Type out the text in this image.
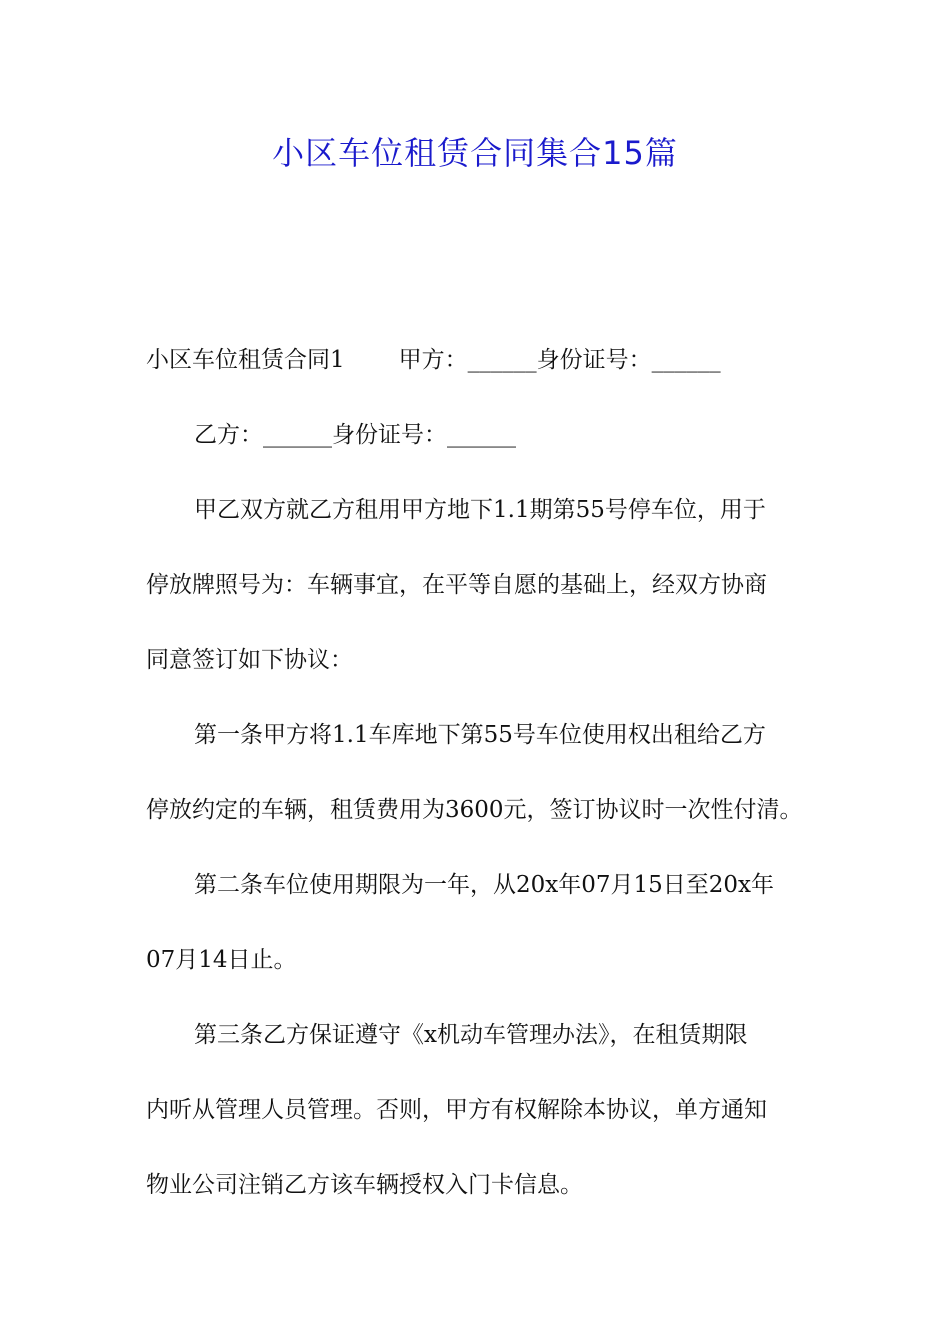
小区车位租赁合同集合15篇
小区车位租赁合同1 甲方：______身份证号：______
乙方：______身份证号：______
甲乙双方就乙方租用甲方地下1.1期第55号停车位，用于
停放牌照号为：车辆事宜，在平等自愿的基础上，经双方协商
同意签订如下协议：
第一条甲方将1.1车库地下第55号车位使用权出租给乙方
停放约定的车辆，租赁费用为3600元，签订协议时一次性付清。
第二条车位使用期限为一年，从20x年07月15日至20x年
07月14日止。
第三条乙方保证遵守《x机动车管理办法》，在租赁期限
内听从管理人员管理。否则，甲方有权解除本协议，单方通知
物业公司注销乙方该车辆授权入门卡信息。
